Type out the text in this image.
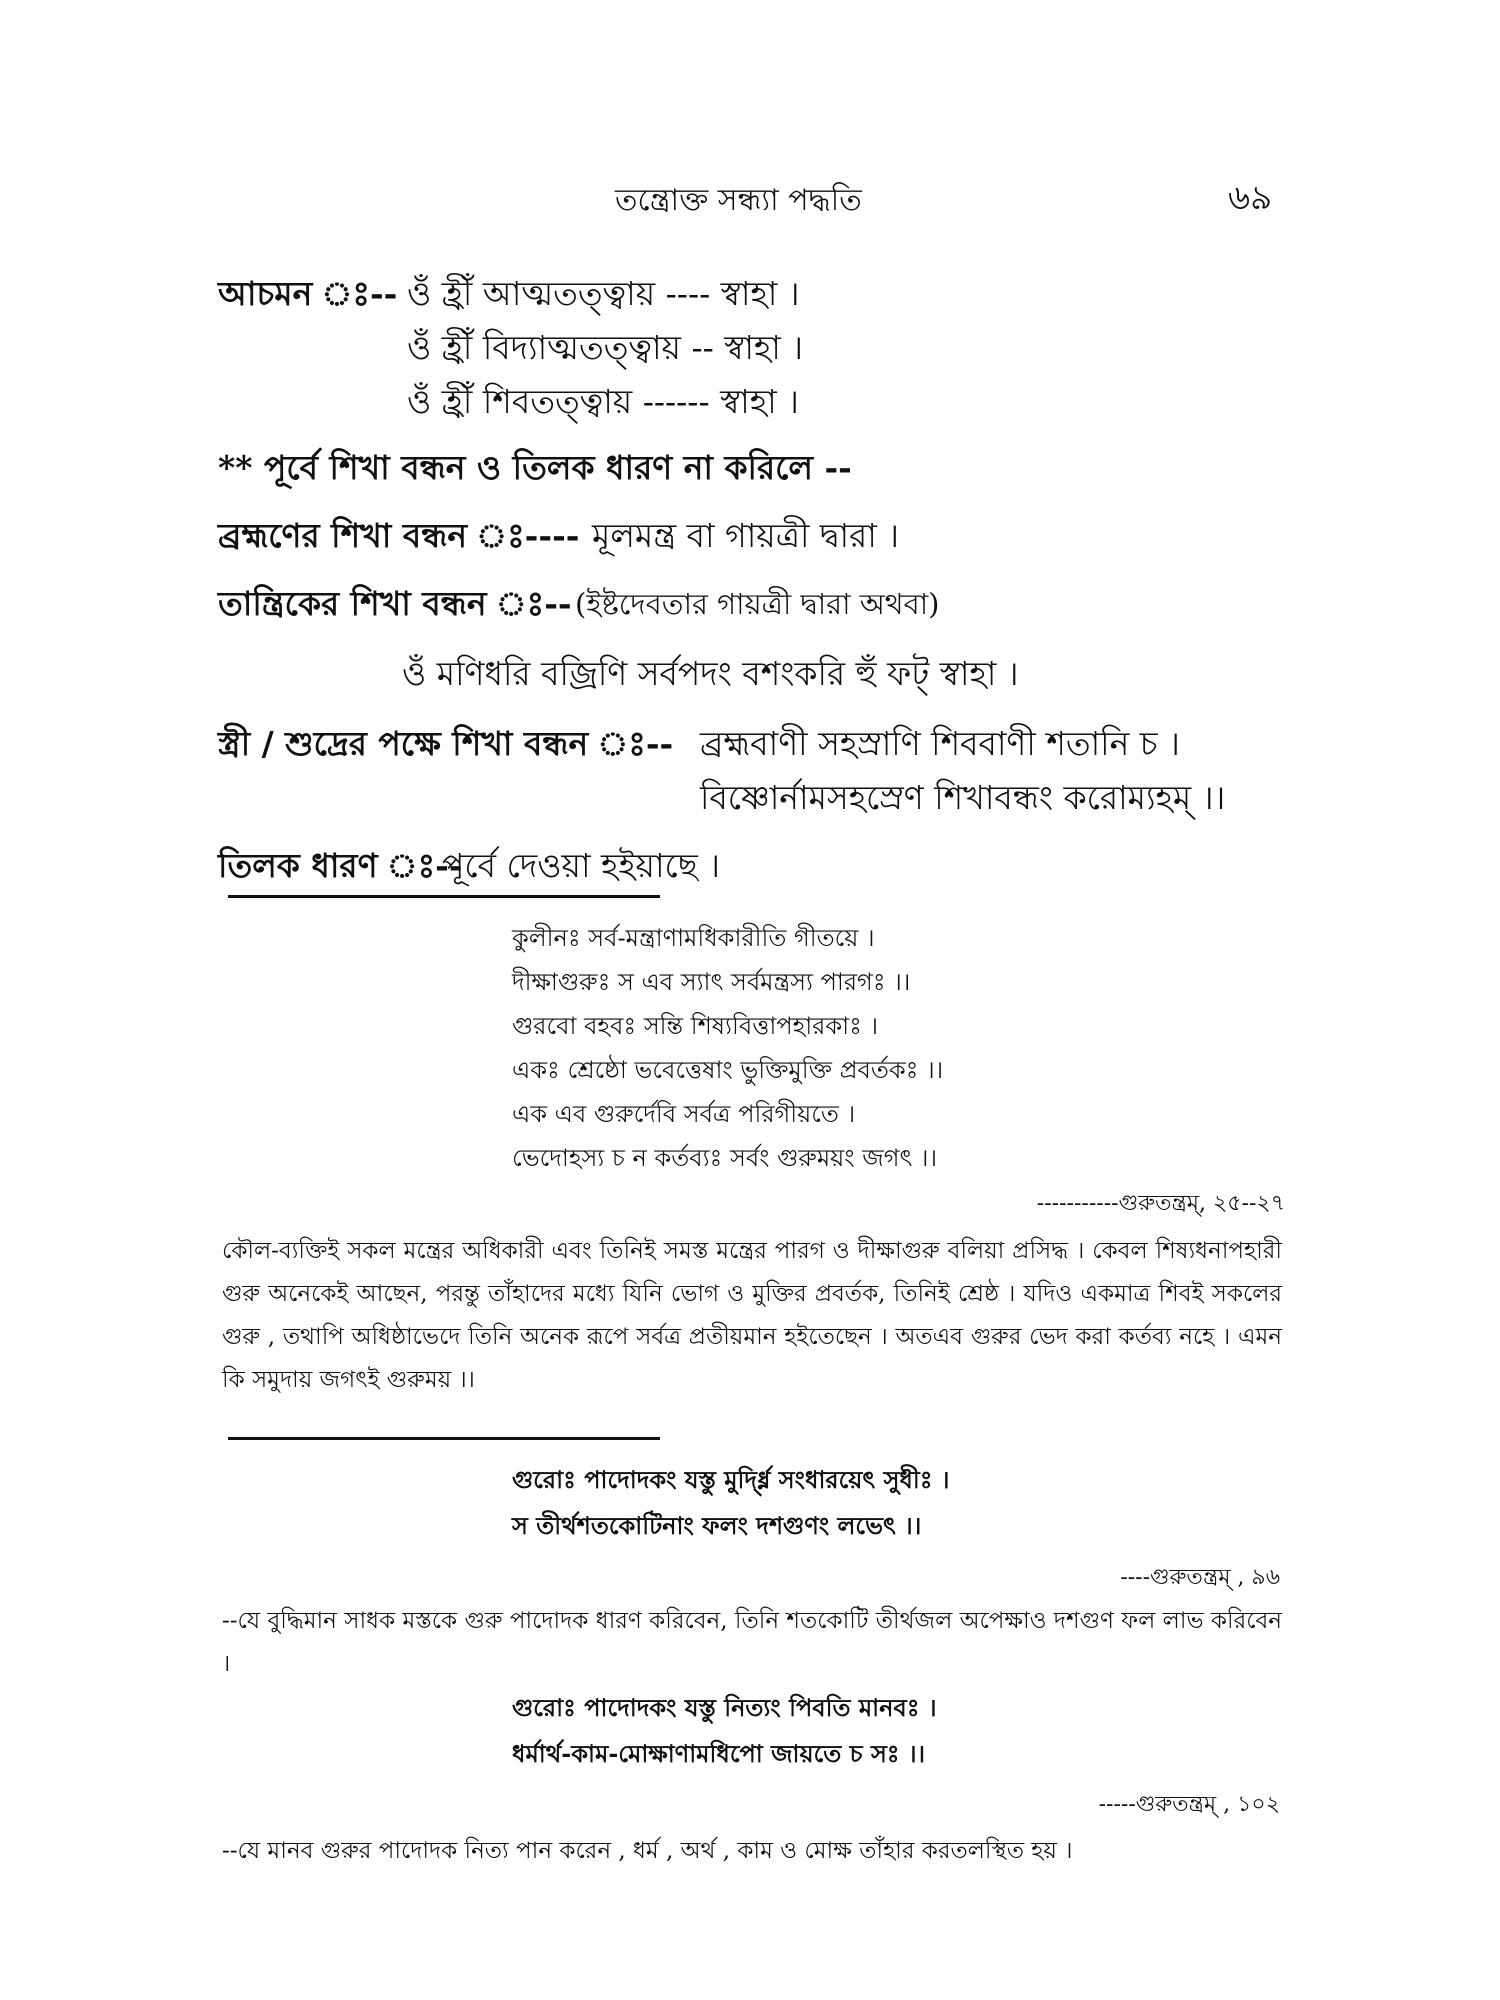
তন্ত্রোক্ত সন্ধ্যা পদ্ধতি	৬৯
আচমন ঃ-- ওঁ হ্রীঁ আত্মতত্ত্বায় ---- স্বাহা ।
ওঁ হ্রীঁ বিদ্যাত্মতত্ত্বায় -- স্বাহা ।
ওঁ হ্রীঁ শিবতত্ত্বায় ------ স্বাহা ।
** পূর্বে শিখা বন্ধন ও তিলক ধারণ না করিলে --
ব্রহ্মণের শিখা বন্ধন ঃ---- মূলমন্ত্র বা গায়ত্রী দ্বারা ।
তান্ত্রিকের শিখা বন্ধন ঃ-- (ইষ্টদেবতার গায়ত্রী দ্বারা অথবা)
ওঁ মণিধরি বজ্রিণি সর্বপদং বশংকরি হুঁ ফট্ স্বাহা ।
স্ত্রী / শুদ্রের পক্ষে শিখা বন্ধন ঃ-- ব্রহ্মবাণী সহস্রাণি শিববাণী শতানি চ ।
বিষ্ণোর্নামসহস্রেণ শিখাবন্ধং করোম্যহম্ ।।
তিলক ধারণ ঃ--
পূর্বে দেওয়া হইয়াছে ।
কুলীনঃ সর্ব-মন্ত্রাণামধিকারীতি গীতয়ে ।
দীক্ষাগুরুঃ স এব স্যাৎ সর্বমন্ত্রস্য পারগঃ ।।
গুরবো বহবঃ সন্তি শিষ্যবিত্তাপহারকাঃ ।
একঃ শ্রেষ্ঠো ভবেত্তেষাং ভুক্তিমুক্তি প্রবর্তকঃ ।।
এক এব গুরুর্দেবি সর্বত্র পরিগীয়তে ।
ভেদোহস্য চ ন কর্তব্যঃ সর্বং গুরুময়ং জগৎ ।।
-----------গুরুতন্ত্রম্, ২৫--২৭
কৌল-ব্যক্তিই সকল মন্ত্রের অধিকারী এবং তিনিই সমস্ত মন্ত্রের পারগ ও দীক্ষাগুরু বলিয়া প্রসিদ্ধ । কেবল শিষ্যধনাপহারী গুরু অনেকেই আছেন, পরন্তু তাঁহাদের মধ্যে যিনি ভোগ ও মুক্তির প্রবর্তক, তিনিই শ্রেষ্ঠ । যদিও একমাত্র শিবই সকলের গুরু , তথাপি অধিষ্ঠাভেদে তিনি অনেক রূপে সর্বত্র প্রতীয়মান হইতেছেন । অতএব গুরুর ভেদ করা কর্তব্য নহে । এমন কি সমুদায় জগৎই গুরুময় ।।
গুরোঃ পাদোদকং যস্তু মুর্দ্ধ্নি সংধারয়েৎ সুধীঃ ।
স তীর্থশতকোটিনাং ফলং দশগুণং লভেৎ ।।
----গুরুতন্ত্রম্ , ৯৬
--যে বুদ্ধিমান সাধক মস্তকে গুরু পাদোদক ধারণ করিবেন, তিনি শতকোটি তীর্থজল অপেক্ষাও দশগুণ ফল লাভ করিবেন ।
গুরোঃ পাদোদকং যস্তু নিত্যং পিবতি মানবঃ ।
ধর্মার্থ-কাম-মোক্ষাণামধিপো জায়তে চ সঃ ।।
-----গুরুতন্ত্রম্ , ১০২
--যে মানব গুরুর পাদোদক নিত্য পান করেন , ধর্ম , অর্থ , কাম ও মোক্ষ তাঁহার করতলস্থিত হয় ।
